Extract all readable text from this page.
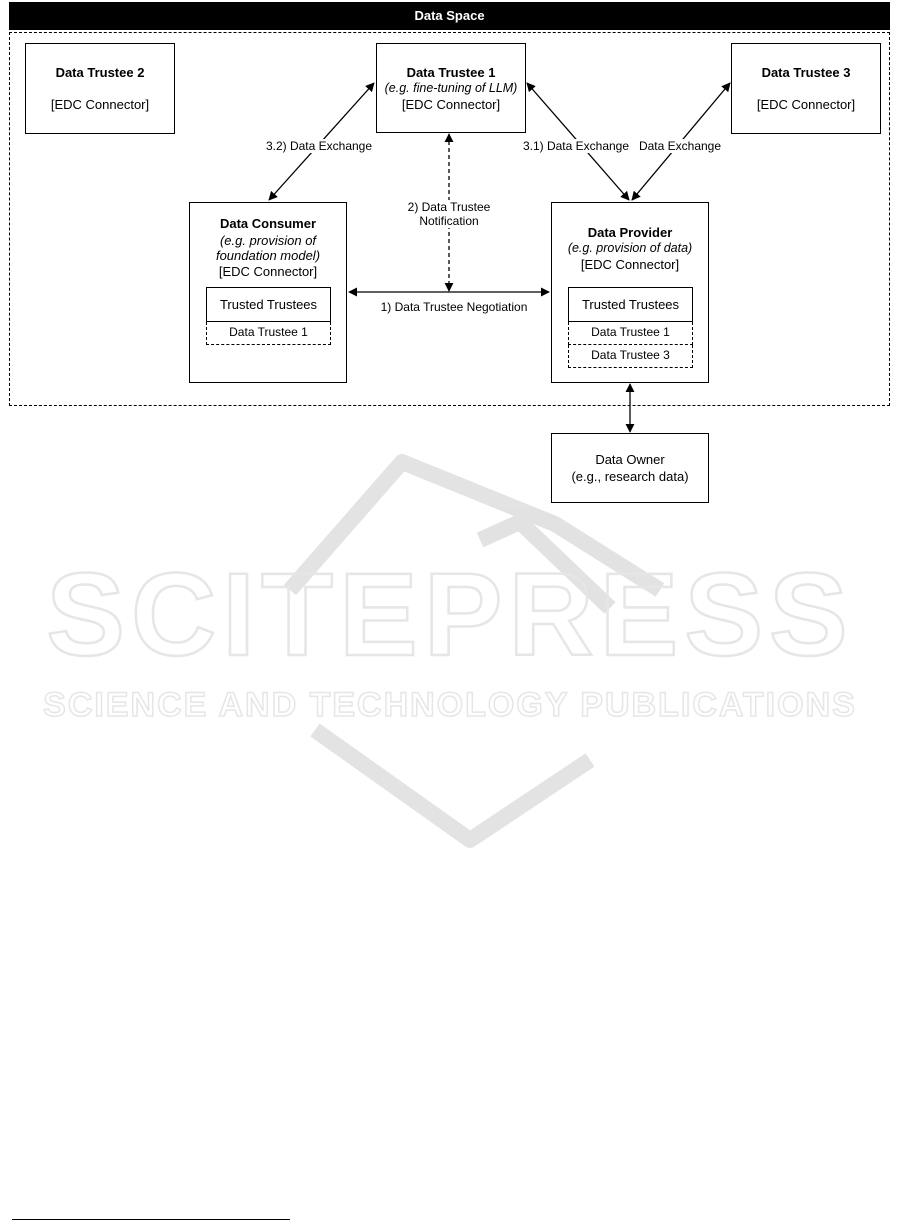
SCITEPRESS
SCIENCE AND TECHNOLOGY PUBLICATIONS
Data Space
3.2) Data Exchange	3.1) Data Exchange Data Exchange
2) Data Trustee
Notification
1) Data Trustee Negotiation
Data Trustee 2
[EDC Connector]
Data Trustee 1
(e.g. fine-tuning of LLM)
[EDC Connector]
Data Trustee 3
[EDC Connector]
Data Consumer
(e.g. provision of
foundation model)
[EDC Connector]
Trusted Trustees
Data Trustee 1
Data Provider
(e.g. provision of data)
[EDC Connector]
Trusted Trustees
Data Trustee 1
Data Trustee 3
Data Owner
(e.g., research data)
